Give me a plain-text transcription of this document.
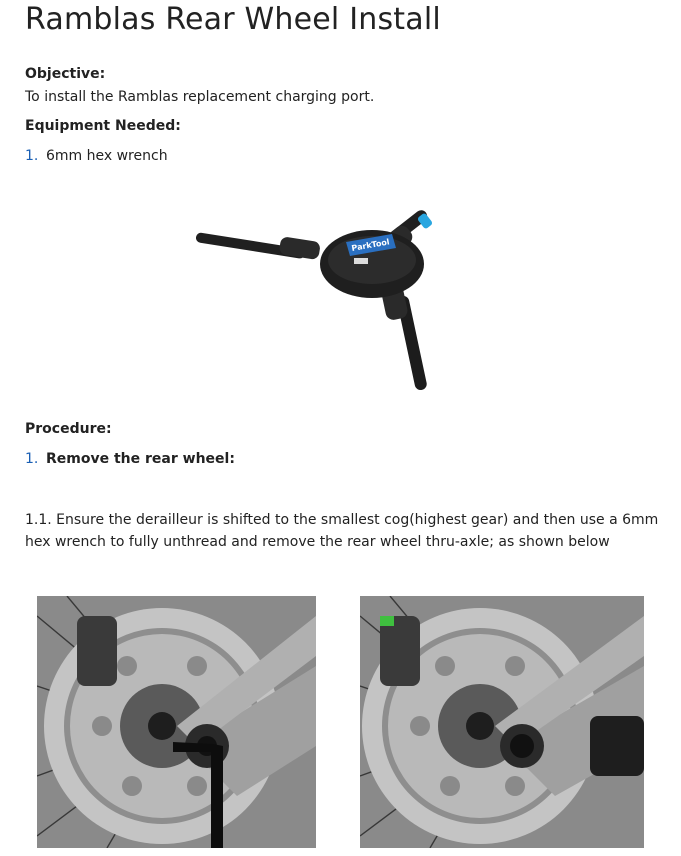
Ramblas Rear Wheel Install

Objective:

To install the Ramblas replacement charging port.

Equipment Needed:

1. 6mm hex wrench
ParkTool

Procedure:

1. Remove the rear wheel:

1.1. Ensure the derailleur is shifted to the smallest cog(highest gear) and then use a 6mm hex wrench to fully unthread and remove the rear wheel thru-axle; as shown below
